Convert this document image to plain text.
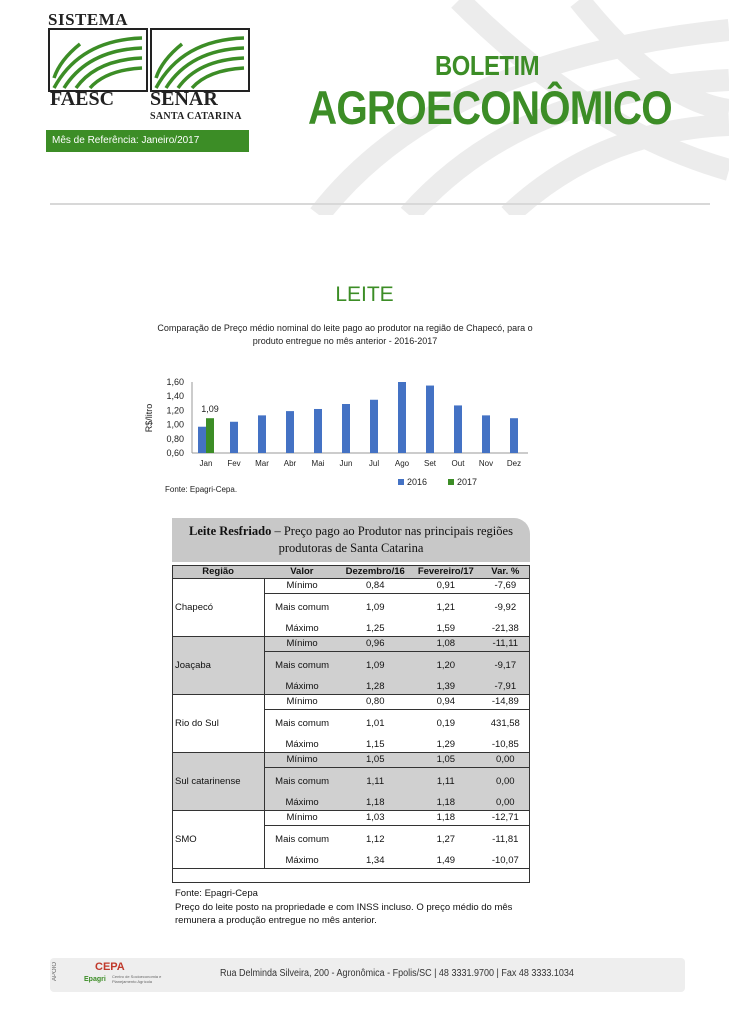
SISTEMA
FAESC SENAR
SANTA CATARINA
Mês de Referência: Janeiro/2017
BOLETIM
AGROECONÔMICO
LEITE
Comparação de Preço médio nominal do leite pago ao produtor na região de Chapecó, para o produto entregue no mês anterior - 2016-2017
R$/litro
1,60
1,40
1,20
1,00
0,80
0,60
Jan
1,09
Fev Mar Abr Mai Jun Jul Ago Set Out Nov Dez
2016	2017
Fonte: Epagri-Cepa.
Leite Resfriado – Preço pago ao Produtor nas principais regiões produtoras de Santa Catarina
Região	Valor	Dezembro/16	Fevereiro/17	Var. %
Chapecó	Mínimo	0,84	0,91	-7,69
	Mais comum	1,09	1,21	-9,92
	Máximo	1,25	1,59	-21,38
Joaçaba	Mínimo	0,96	1,08	-11,11
	Mais comum	1,09	1,20	-9,17
	Máximo	1,28	1,39	-7,91
Rio do Sul	Mínimo	0,80	0,94	-14,89
	Mais comum	1,01	0,19	431,58
	Máximo	1,15	1,29	-10,85
Sul catarinense	Mínimo	1,05	1,05	0,00
	Mais comum	1,11	1,11	0,00
	Máximo	1,18	1,18	0,00
SMO	Mínimo	1,03	1,18	-12,71
	Mais comum	1,12	1,27	-11,81
	Máximo	1,34	1,49	-10,07
Fonte: Epagri-Cepa
Preço do leite posto na propriedade e com INSS incluso. O preço médio do mês remunera a produção entregue no mês anterior.
APOIO	CEPA
Epagri Centro de Socioeconomia e Planejamento Agrícola
Rua Delminda Silveira, 200 - Agronômica - Fpolis/SC | 48 3331.9700 | Fax 48 3333.1034
